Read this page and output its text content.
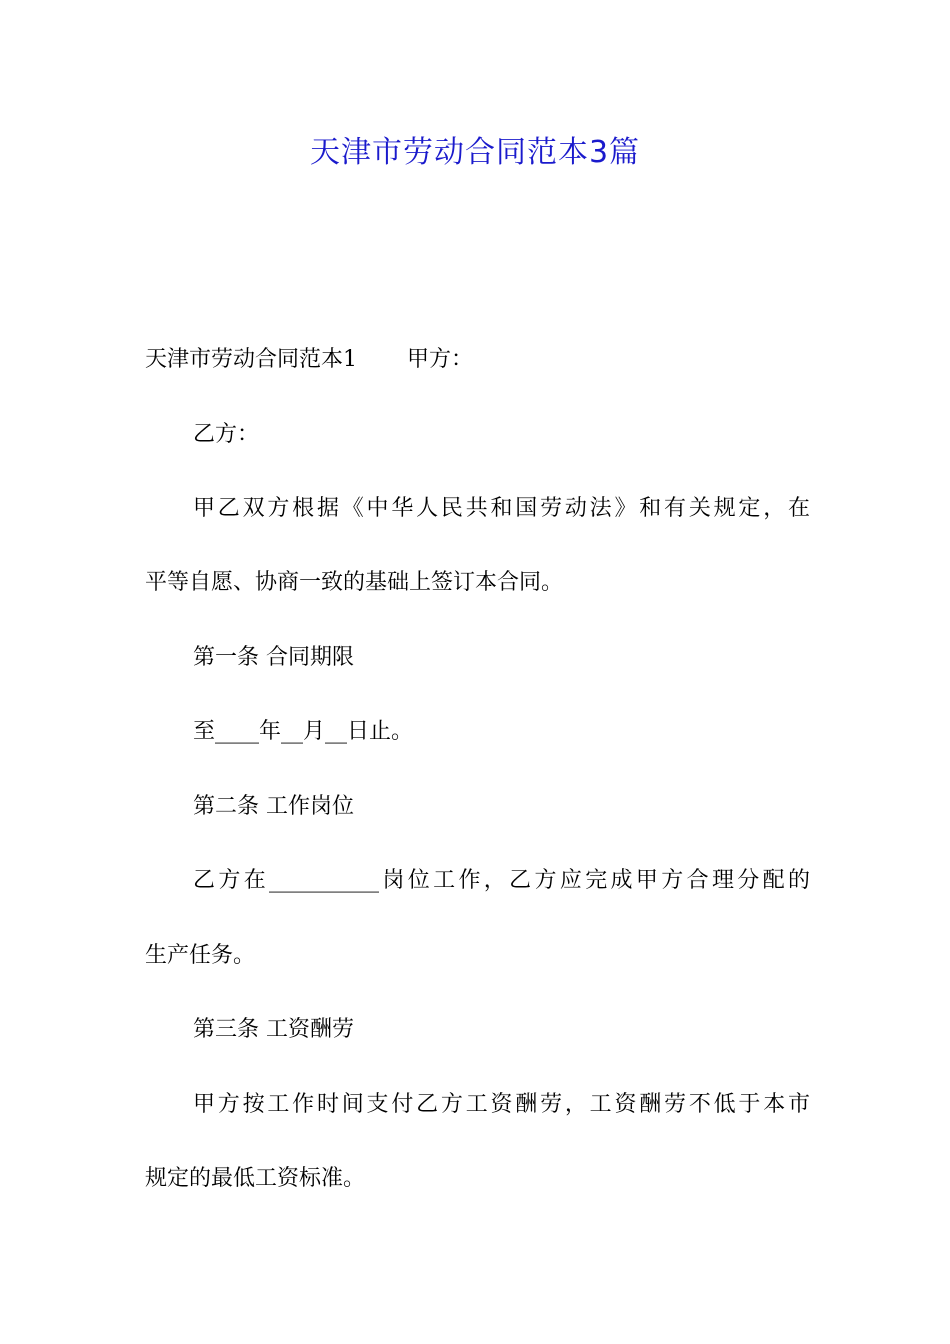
天津市劳动合同范本3篇
天津市劳动合同范本1 甲方：
乙方：
甲乙双方根据《中华人民共和国劳动法》和有关规定，在
平等自愿、协商一致的基础上签订本合同。
第一条 合同期限
至____年__月__日止。
第二条 工作岗位
乙方在__________岗位工作，乙方应完成甲方合理分配的
生产任务。
第三条 工资酬劳
甲方按工作时间支付乙方工资酬劳，工资酬劳不低于本市
规定的最低工资标准。
